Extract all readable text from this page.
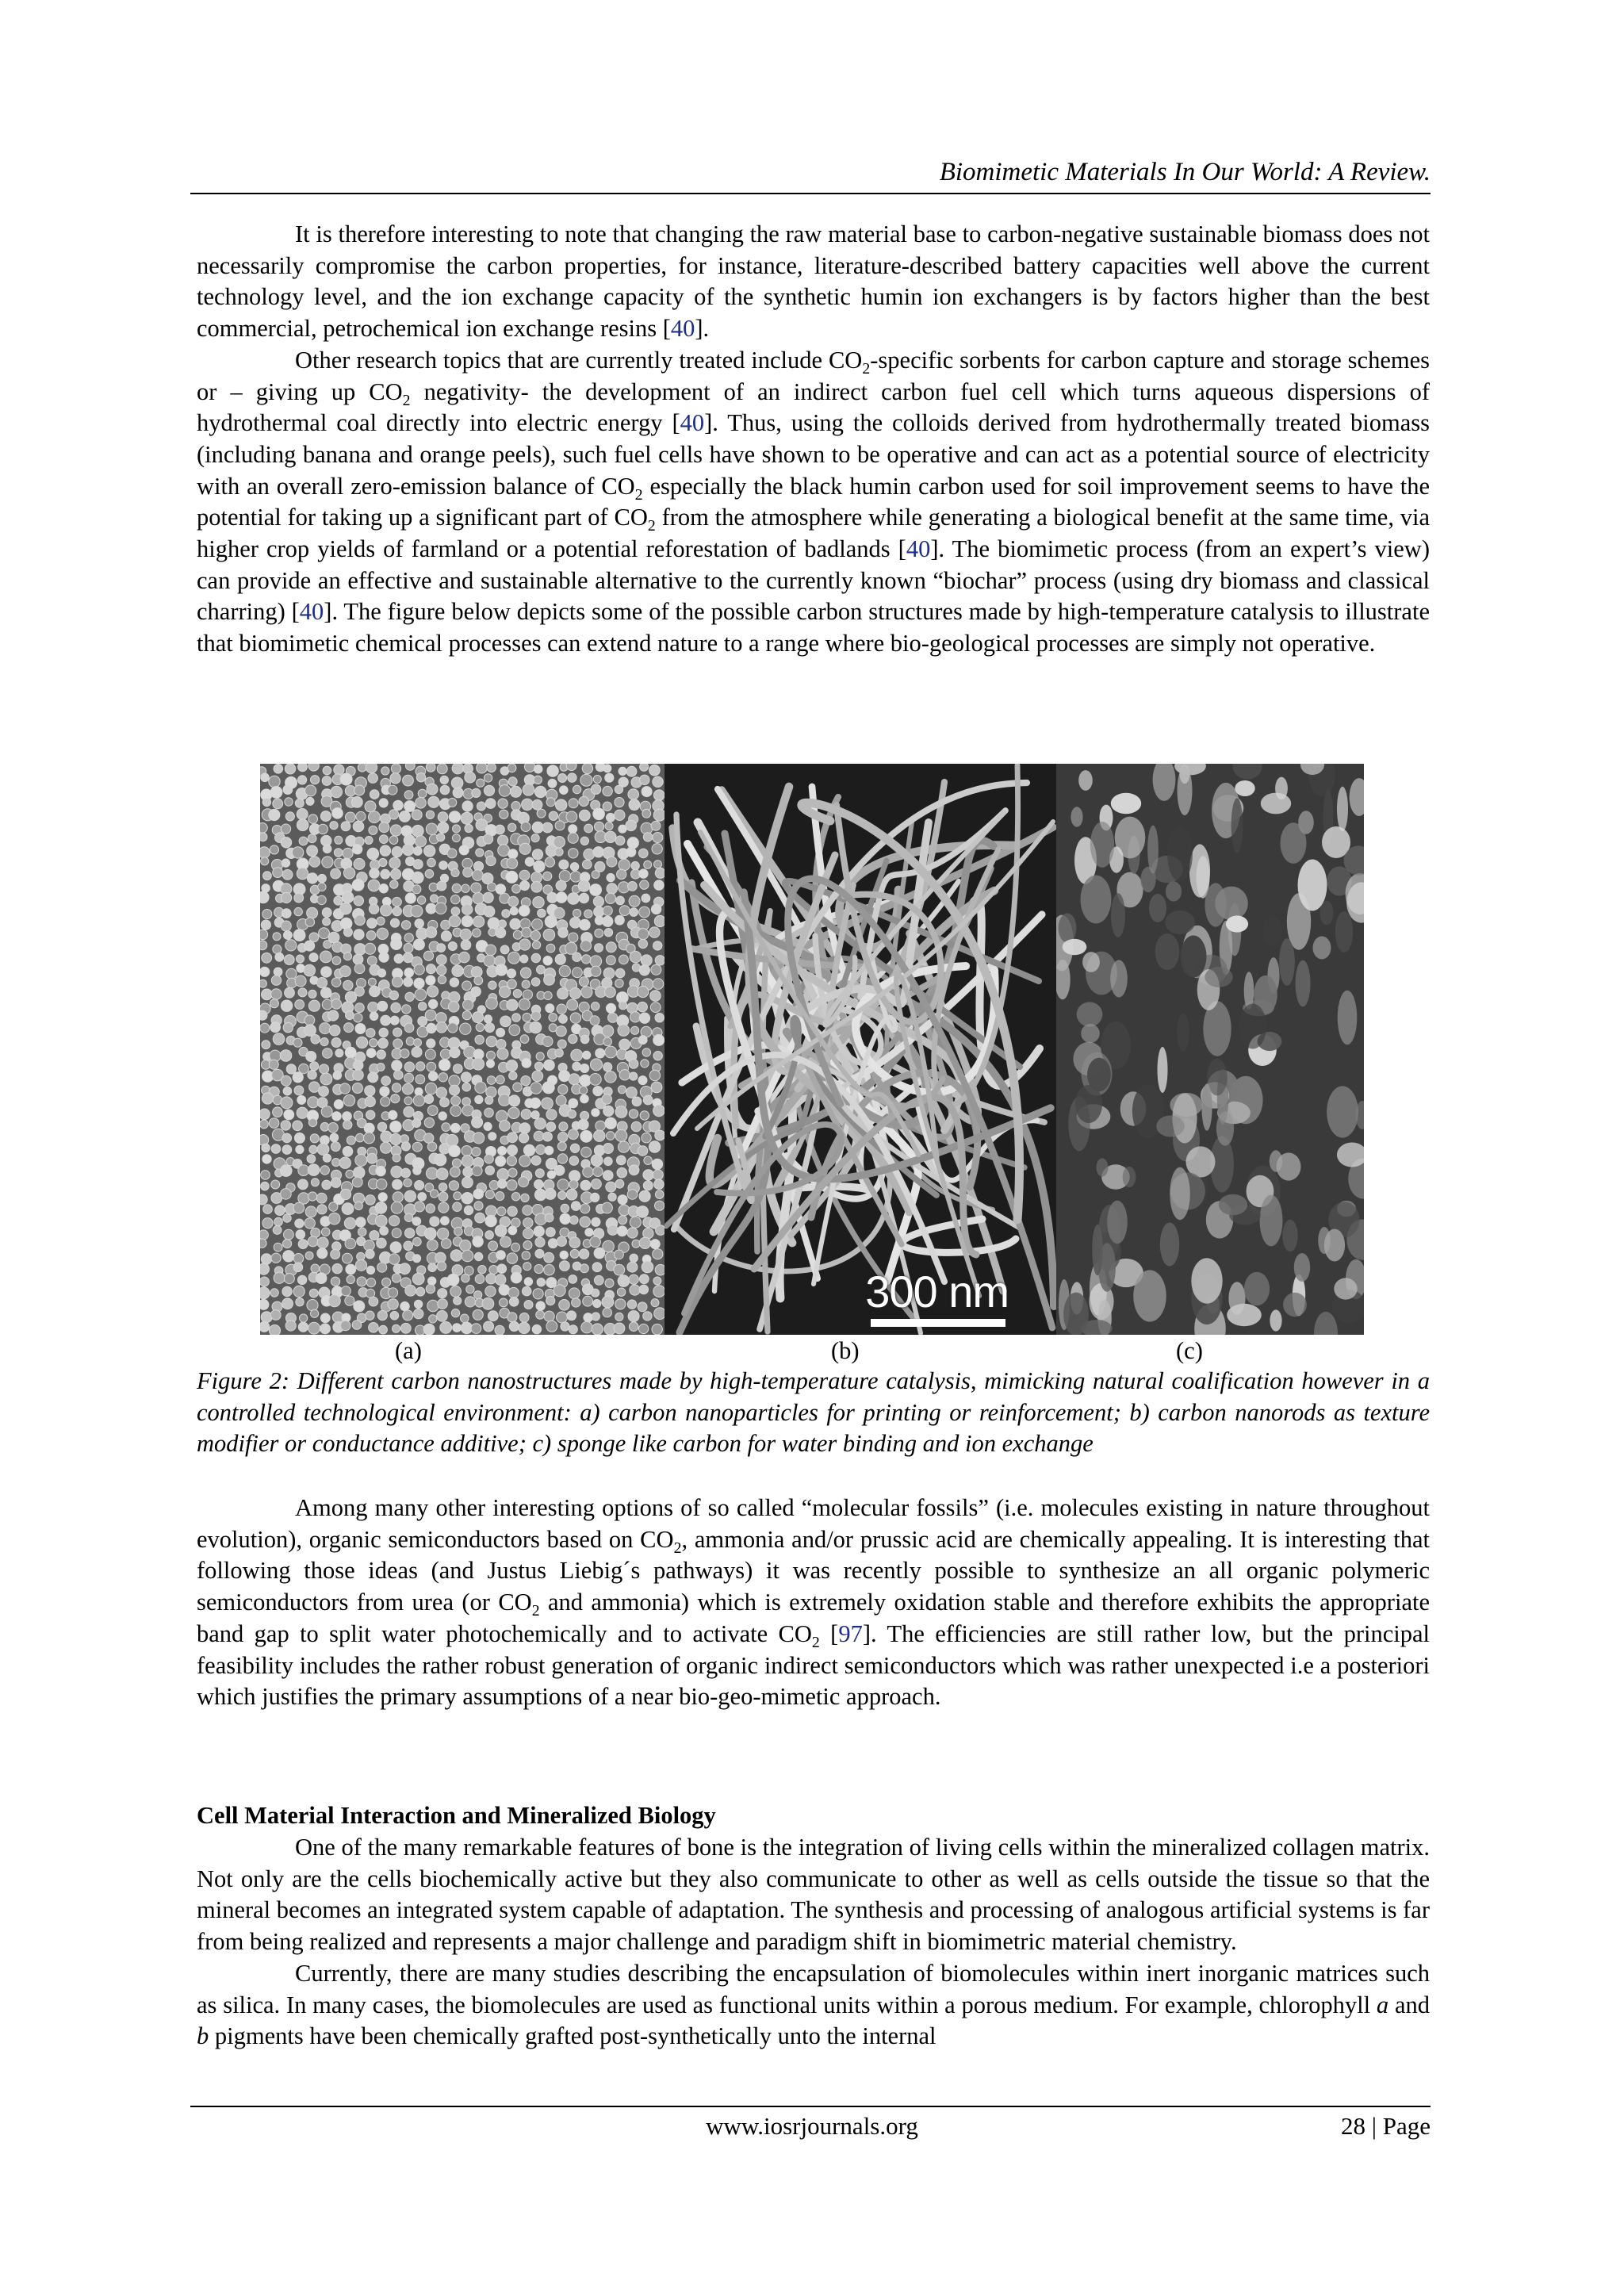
Biomimetic Materials In Our World: A Review.

It is therefore interesting to note that changing the raw material base to carbon-negative sustainable biomass does not necessarily compromise the carbon properties, for instance, literature-described battery capacities well above the current technology level, and the ion exchange capacity of the synthetic humin ion exchangers is by factors higher than the best commercial, petrochemical ion exchange resins [40].

Other research topics that are currently treated include $CO_2$-specific sorbents for carbon capture and storage schemes or – giving up $CO_2$ negativity- the development of an indirect carbon fuel cell which turns aqueous dispersions of hydrothermal coal directly into electric energy [40]. Thus, using the colloids derived from hydrothermally treated biomass (including banana and orange peels), such fuel cells have shown to be operative and can act as a potential source of electricity with an overall zero-emission balance of $CO_2$ especially the black humin carbon used for soil improvement seems to have the potential for taking up a significant part of $CO_2$ from the atmosphere while generating a biological benefit at the same time, via higher crop yields of farmland or a potential reforestation of badlands [40]. The biomimetic process (from an expert’s view) can provide an effective and sustainable alternative to the currently known “biochar” process (using dry biomass and classical charring) [40]. The figure below depicts some of the possible carbon structures made by high-temperature catalysis to illustrate that biomimetic chemical processes can extend nature to a range where bio-geological processes are simply not operative.

300 nm
(a)	(b)	(c)
Figure 2: Different carbon nanostructures made by high-temperature catalysis, mimicking natural coalification however in a controlled technological environment: a) carbon nanoparticles for printing or reinforcement; b) carbon nanorods as texture modifier or conductance additive; c) sponge like carbon for water binding and ion exchange

Among many other interesting options of so called “molecular fossils” (i.e. molecules existing in nature throughout evolution), organic semiconductors based on $CO_2$, ammonia and/or prussic acid are chemically appealing. It is interesting that following those ideas (and Justus Liebig´s pathways) it was recently possible to synthesize an all organic polymeric semiconductors from urea (or $CO_2$ and ammonia) which is extremely oxidation stable and therefore exhibits the appropriate band gap to split water photochemically and to activate $CO_2$ [97]. The efficiencies are still rather low, but the principal feasibility includes the rather robust generation of organic indirect semiconductors which was rather unexpected i.e a posteriori which justifies the primary assumptions of a near bio-geo-mimetic approach.

Cell Material Interaction and Mineralized Biology

One of the many remarkable features of bone is the integration of living cells within the mineralized collagen matrix. Not only are the cells biochemically active but they also communicate to other as well as cells outside the tissue so that the mineral becomes an integrated system capable of adaptation. The synthesis and processing of analogous artificial systems is far from being realized and represents a major challenge and paradigm shift in biomimetric material chemistry.

Currently, there are many studies describing the encapsulation of biomolecules within inert inorganic matrices such as silica. In many cases, the biomolecules are used as functional units within a porous medium. For example, chlorophyll a and b pigments have been chemically grafted post-synthetically unto the internal

www.iosrjournals.org	28 | Page
